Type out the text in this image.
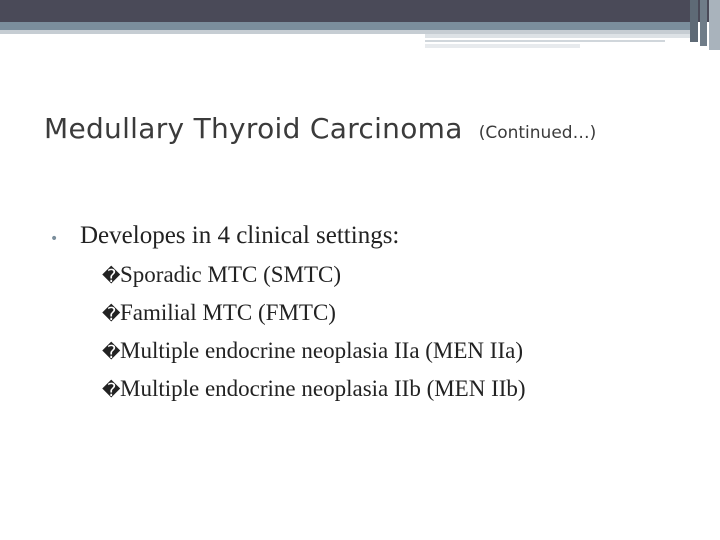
Medullary Thyroid Carcinoma (Continued…)
• Developes in 4 clinical settings:
� Sporadic MTC (SMTC)
� Familial MTC (FMTC)
� Multiple endocrine neoplasia IIa (MEN IIa)
� Multiple endocrine neoplasia IIb (MEN IIb)
